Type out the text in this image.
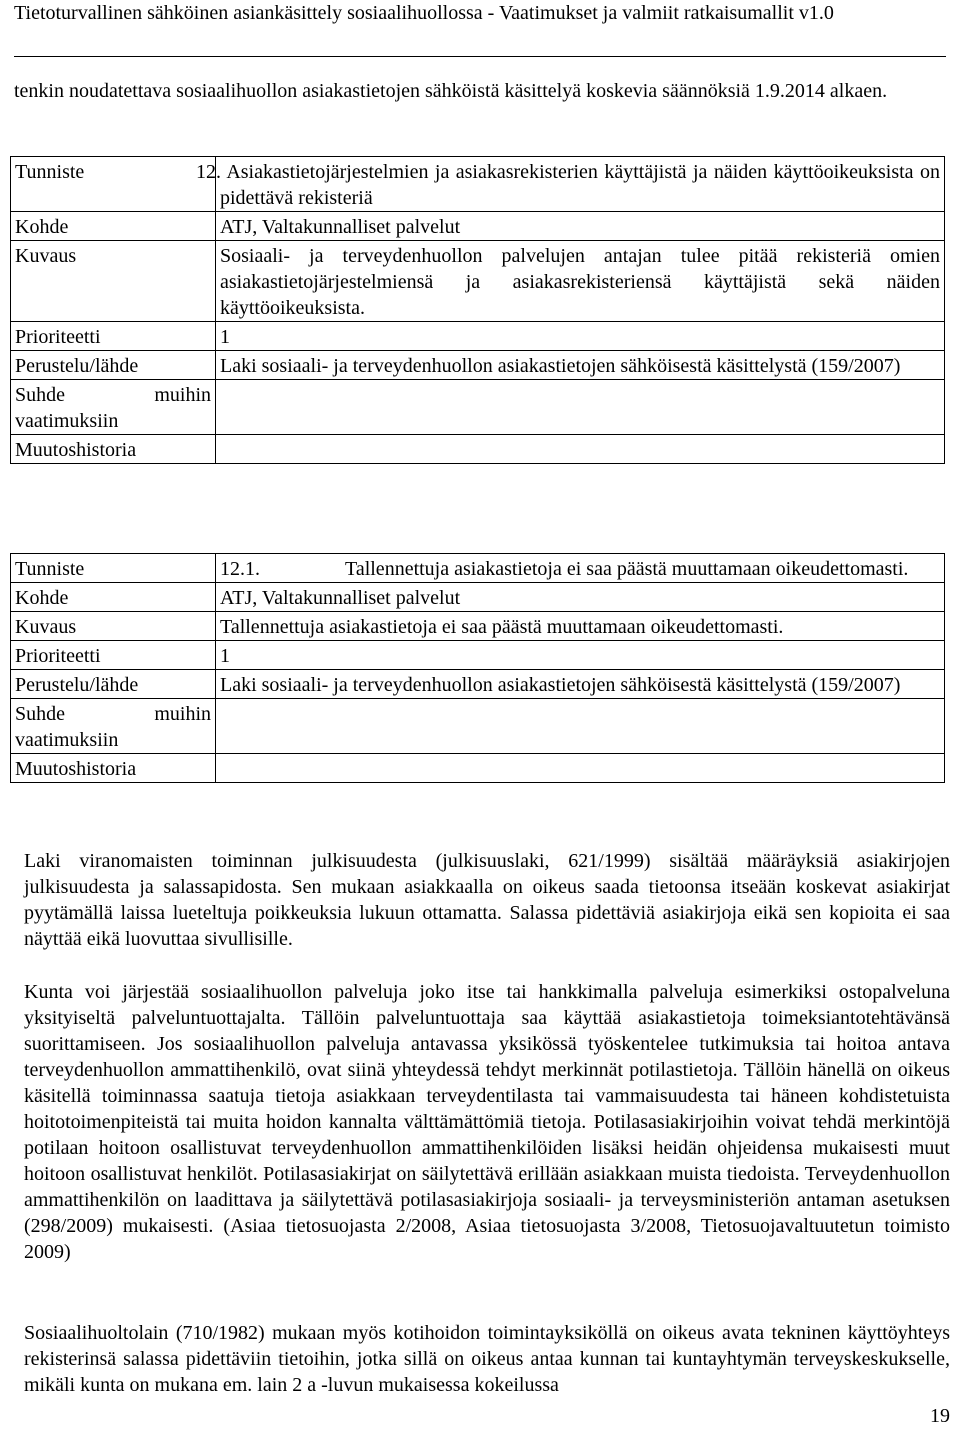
Tietoturvallinen sähköinen asiankäsittely sosiaalihuollossa - Vaatimukset ja valmiit ratkaisumallit v1.0
tenkin noudatettava sosiaalihuollon asiakastietojen sähköistä käsittelyä koskevia säännöksiä 1.9.2014 alkaen.
Tunniste	12. Asiakastietojärjestelmien ja asiakasrekisterien käyttäjistä ja näiden käyttöoikeuksista on pidettävä rekisteriä
Kohde	ATJ, Valtakunnalliset palvelut
Kuvaus	Sosiaali- ja terveydenhuollon palvelujen antajan tulee pitää rekisteriä omien asiakastietojärjestelmiensä ja asiakasrekisteriensä käyttäjistä sekä näiden käyttöoikeuksista.
Prioriteetti	1
Perustelu/lähde	Laki sosiaali- ja terveydenhuollon asiakastietojen sähköisestä käsittelystä (159/2007)
Suhde muihin vaatimuksiin	
Muutoshistoria	
Tunniste	12.1. Tallennettuja asiakastietoja ei saa päästä muuttamaan oikeudettomasti.

Kohde	ATJ, Valtakunnalliset palvelut
Kuvaus	Tallennettuja asiakastietoja ei saa päästä muuttamaan oikeudettomasti.
Prioriteetti	1
Perustelu/lähde	Laki sosiaali- ja terveydenhuollon asiakastietojen sähköisestä käsittelystä (159/2007)
Suhde muihin vaatimuksiin	
Muutoshistoria	
Laki viranomaisten toiminnan julkisuudesta (julkisuuslaki, 621/1999) sisältää määräyksiä asiakirjojen julkisuudesta ja salassapidosta. Sen mukaan asiakkaalla on oikeus saada tietoonsa itseään koskevat asiakirjat pyytämällä laissa lueteltuja poikkeuksia lukuun ottamatta. Salassa pidettäviä asiakirjoja eikä sen kopioita ei saa näyttää eikä luovuttaa sivullisille.
Kunta voi järjestää sosiaalihuollon palveluja joko itse tai hankkimalla palveluja esimerkiksi ostopalveluna yksityiseltä palveluntuottajalta. Tällöin palveluntuottaja saa käyttää asiakastietoja toimeksiantotehtävänsä suorittamiseen. Jos sosiaalihuollon palveluja antavassa yksikössä työskentelee tutkimuksia tai hoitoa antava terveydenhuollon ammattihenkilö, ovat siinä yhteydessä tehdyt merkinnät potilastietoja. Tällöin hänellä on oikeus käsitellä toiminnassa saatuja tietoja asiakkaan terveydentilasta tai vammaisuudesta tai häneen kohdistetuista hoitotoimenpiteistä tai muita hoidon kannalta välttämättömiä tietoja. Potilasasiakirjoihin voivat tehdä merkintöjä potilaan hoitoon osallistuvat terveydenhuollon ammattihenkilöiden lisäksi heidän ohjeidensa mukaisesti muut hoitoon osallistuvat henkilöt. Potilasasiakirjat on säilytettävä erillään asiakkaan muista tiedoista. Terveydenhuollon ammattihenkilön on laadittava ja säilytettävä potilasasiakirjoja sosiaali- ja terveysministeriön antaman asetuksen (298/2009) mukaisesti. (Asiaa tietosuojasta 2/2008, Asiaa tietosuojasta 3/2008, Tietosuojavaltuutetun toimisto 2009)
Sosiaalihuoltolain (710/1982) mukaan myös kotihoidon toimintayksiköllä on oikeus avata tekninen käyttöyhteys rekisterinsä salassa pidettäviin tietoihin, jotka sillä on oikeus antaa kunnan tai kuntayhtymän terveyskeskukselle, mikäli kunta on mukana em. lain 2 a -luvun mukaisessa kokeilussa
19
